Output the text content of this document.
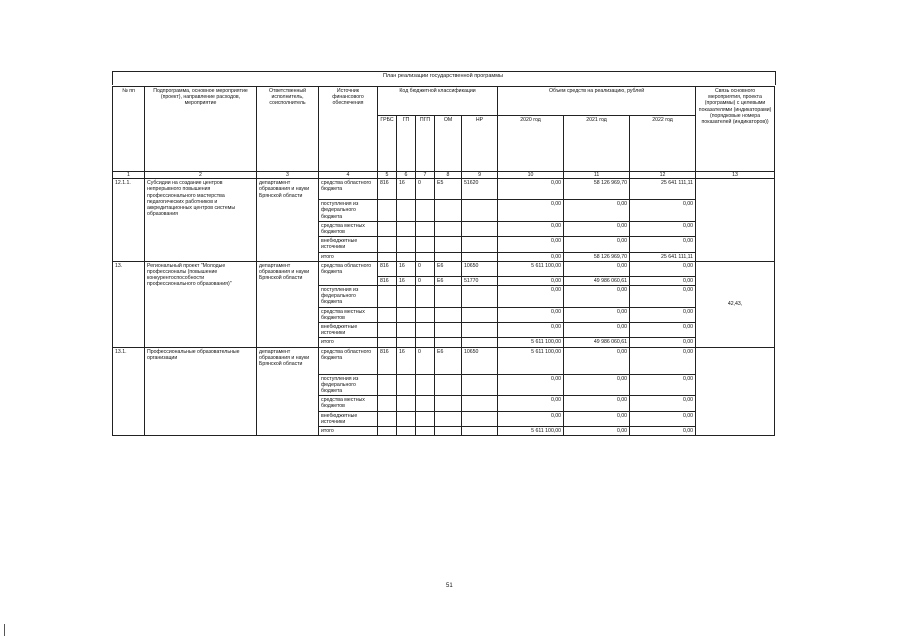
План реализации государственной программы
№ пп	Подпрограмма, основное мероприятие (проект), направление расходов, мероприятие	Ответственный исполнитель, соисполнитель	Источник финансового обеспечения	Код бюджетной классификации					Объем средств на реализацию, рублей			Связь основного мероприятия, проекта (программы) с целевыми показателями (индикаторами) (порядковые номера показателей (индикаторов))
				ГРБС	ГП	ПГП	ОМ	НР	2020 год	2021 год	2022 год	
1	2	3	4	5	6	7	8	9	10	11	12	13
12.1.1.	Субсидии на создание центров непрерывного повышения профессионального мастерства педагогических работников и аккредитационных центров системы образования	департамент образования и науки Брянской области	средства областного бюджета	816	16	0	Е5	51620	0,00	58 126 969,70	25 641 111,11	
			поступления из федерального бюджета						0,00	0,00	0,00	
			средства местных бюджетов						0,00	0,00	0,00	
			внебюджетные источники						0,00	0,00	0,00	
			итого						0,00	58 126 969,70	25 641 111,11	
13.	Региональный проект "Молодые профессионалы (повышение конкурентоспособности профессионального образования)"	департамент образования и науки Брянской области	средства областного бюджета	816	16	0	Е6	10650	5 611 100,00	0,00	0,00	42,43,
				816	16	0	Е6	51770	0,00	49 986 060,61	0,00	
			поступления из федерального бюджета						0,00	0,00	0,00	
			средства местных бюджетов						0,00	0,00	0,00	
			внебюджетные источники						0,00	0,00	0,00	
			итого						5 611 100,00	49 986 060,61	0,00	
13.1.	Профессиональные образовательные организации	департамент образования и науки Брянской области	средства областного бюджета	816	16	0	Е6	10650	5 611 100,00	0,00	0,00	
			поступления из федерального бюджета						0,00	0,00	0,00	
			средства местных бюджетов						0,00	0,00	0,00	
			внебюджетные источники						0,00	0,00	0,00	
			итого						5 611 100,00	0,00	0,00	
51
